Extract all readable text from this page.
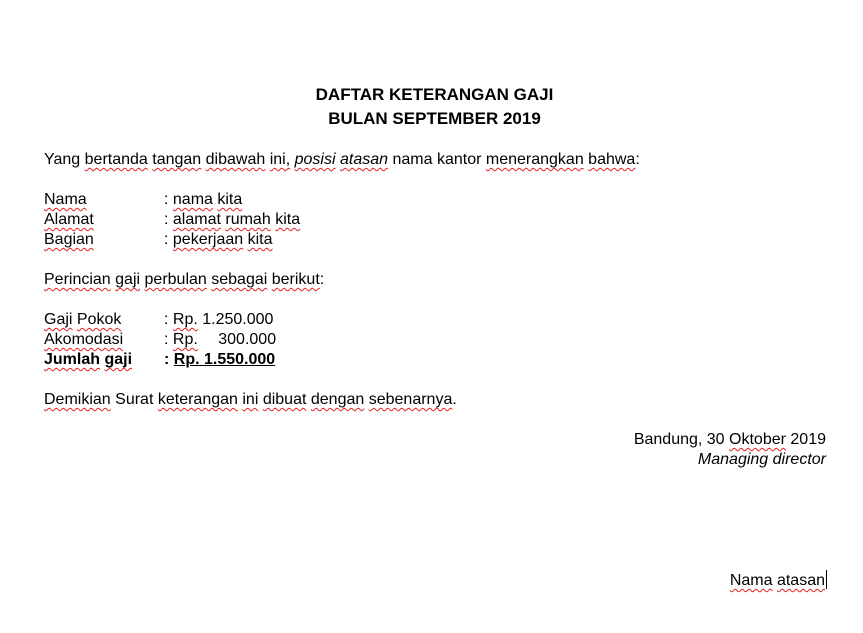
DAFTAR KETERANGAN GAJI
BULAN SEPTEMBER 2019
Yang bertanda tangan dibawah ini, posisi atasan nama kantor menerangkan bahwa:
Nama	: nama kita
Alamat	: alamat rumah kita
Bagian	: pekerjaan kita
Perincian gaji perbulan sebagai berikut:
Gaji Pokok	: Rp. 1.250.000
Akomodasi	: Rp. 300.000
Jumlah gaji : Rp. 1.550.000
Demikian Surat keterangan ini dibuat dengan sebenarnya.
Bandung, 30 Oktober 2019
Managing director
Nama atasan
